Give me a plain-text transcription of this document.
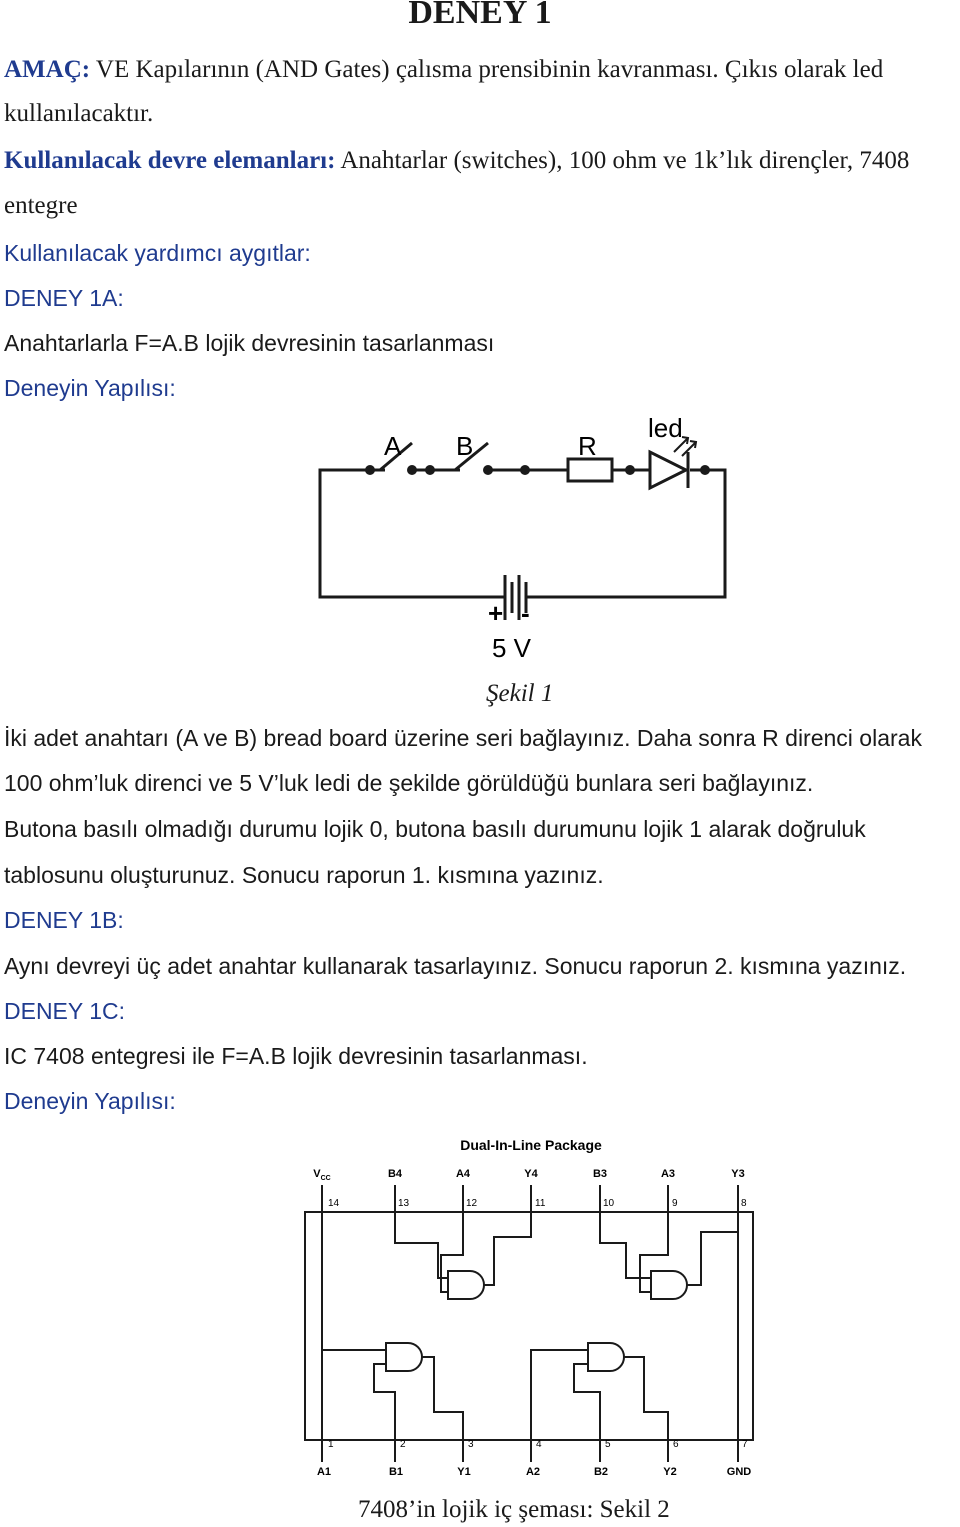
DENEY 1
AMAÇ: VE Kapılarının (AND Gates) çalısma prensibinin kavranması. Çıkıs olarak led
kullanılacaktır.
Kullanılacak devre elemanları: Anahtarlar (switches), 100 ohm ve 1k’lık dirençler, 7408
entegre
Kullanılacak yardımcı aygıtlar:
DENEY 1A:
Anahtarlarla F=A.B lojik devresinin tasarlanması
Deneyin Yapılısı:
A B	R
led
+ -
5 V
Şekil 1
İki adet anahtarı (A ve B) bread board üzerine seri bağlayınız. Daha sonra R direnci olarak
100 ohm’luk direnci ve 5 V’luk ledi de şekilde görüldüğü bunlara seri bağlayınız.
Butona basılı olmadığı durumu lojik 0, butona basılı durumunu lojik 1 alarak doğruluk
tablosunu oluşturunuz. Sonucu raporun 1. kısmına yazınız.
DENEY 1B:
Aynı devreyi üç adet anahtar kullanarak tasarlayınız. Sonucu raporun 2. kısmına yazınız.
DENEY 1C:
IC 7408 entegresi ile F=A.B lojik devresinin tasarlanması.
Deneyin Yapılısı:
Dual-In-Line Package
$V_{CC}$	B4	A4	Y4	B3	A3	Y3
14	13	12	11	10	9	8
1	2	3	4	5	6	7
A1	B1	Y1	A2	B2	Y2	GND
7408’in lojik iç şeması: Sekil 2
